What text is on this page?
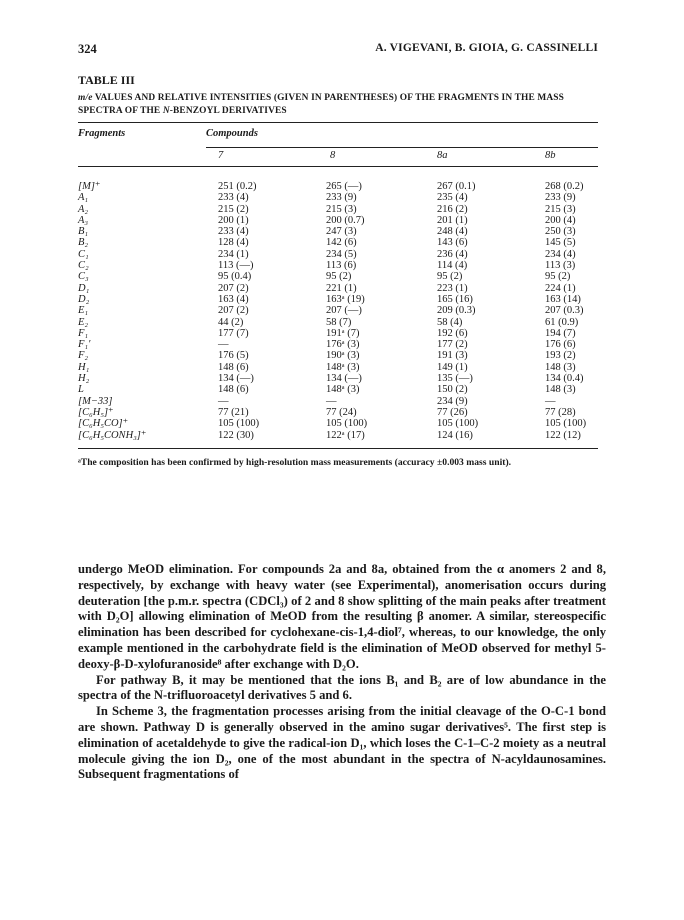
324	A. VIGEVANI, B. GIOIA, G. CASSINELLI
TABLE III
m/e VALUES AND RELATIVE INTENSITIES (GIVEN IN PARENTHESES) OF THE FRAGMENTS IN THE MASS SPECTRA OF THE N-BENZOYL DERIVATIVES
Fragments	Compounds
7	8	8a	8b
[M]⁺	251 (0.2)	265 (—)	267 (0.1)	268 (0.2)
A₁	233 (4)	233 (9)	235 (4)	233 (9)
A₂	215 (2)	215 (3)	216 (2)	215 (3)
A₃	200 (1)	200 (0.7)	201 (1)	200 (4)
B₁	233 (4)	247 (3)	248 (4)	250 (3)
B₂	128 (4)	142 (6)	143 (6)	145 (5)
C₁	234 (1)	234 (5)	236 (4)	234 (4)
C₂	113 (—)	113 (6)	114 (4)	113 (3)
C₃	95 (0.4)	95 (2)	95 (2)	95 (2)
D₁	207 (2)	221 (1)	223 (1)	224 (1)
D₂	163 (4)	163ᵃ (19)	165 (16)	163 (14)
E₁	207 (2)	207 (—)	209 (0.3)	207 (0.3)
E₂	44 (2)	58 (7)	58 (4)	61 (0.9)
F₁	177 (7)	191ᵃ (7)	192 (6)	194 (7)
F₁′	—	176ᵃ (3)	177 (2)	176 (6)
F₂	176 (5)	190ᵃ (3)	191 (3)	193 (2)
H₁	148 (6)	148ᵃ (3)	149 (1)	148 (3)
H₂	134 (—)	134 (—)	135 (—)	134 (0.4)
L	148 (6)	148ᵃ (3)	150 (2)	148 (3)
[M−33]	—	—	234 (9)	—
[C₆H₅]⁺	77 (21)	77 (24)	77 (26)	77 (28)
[C₆H₅CO]⁺	105 (100)	105 (100)	105 (100)	105 (100)
[C₆H₅CONH₃]⁺	122 (30)	122ᵃ (17)	124 (16)	122 (12)
ᵃThe composition has been confirmed by high-resolution mass measurements (accuracy ±0.003 mass unit).

undergo MeOD elimination. For compounds 2a and 8a, obtained from the α anomers 2 and 8, respectively, by exchange with heavy water (see Experimental), anomerisation occurs during deuteration [the p.m.r. spectra (CDCl₃) of 2 and 8 show splitting of the main peaks after treatment with D₂O] allowing elimination of MeOD from the resulting β anomer. A similar, stereospecific elimination has been described for cyclohexane-cis-1,4-diol⁷, whereas, to our knowledge, the only example mentioned in the carbohydrate field is the elimination of MeOD observed for methyl 5-deoxy-β-D-xylofuranoside⁸ after exchange with D₂O.

For pathway B, it may be mentioned that the ions B₁ and B₂ are of low abundance in the spectra of the N-trifluoroacetyl derivatives 5 and 6.

In Scheme 3, the fragmentation processes arising from the initial cleavage of the O-C-1 bond are shown. Pathway D is generally observed in the amino sugar derivatives⁵. The first step is elimination of acetaldehyde to give the radical-ion D₁, which loses the C-1–C-2 moiety as a neutral molecule giving the ion D₂, one of the most abundant in the spectra of N-acyldaunosamines. Subsequent fragmentations of
